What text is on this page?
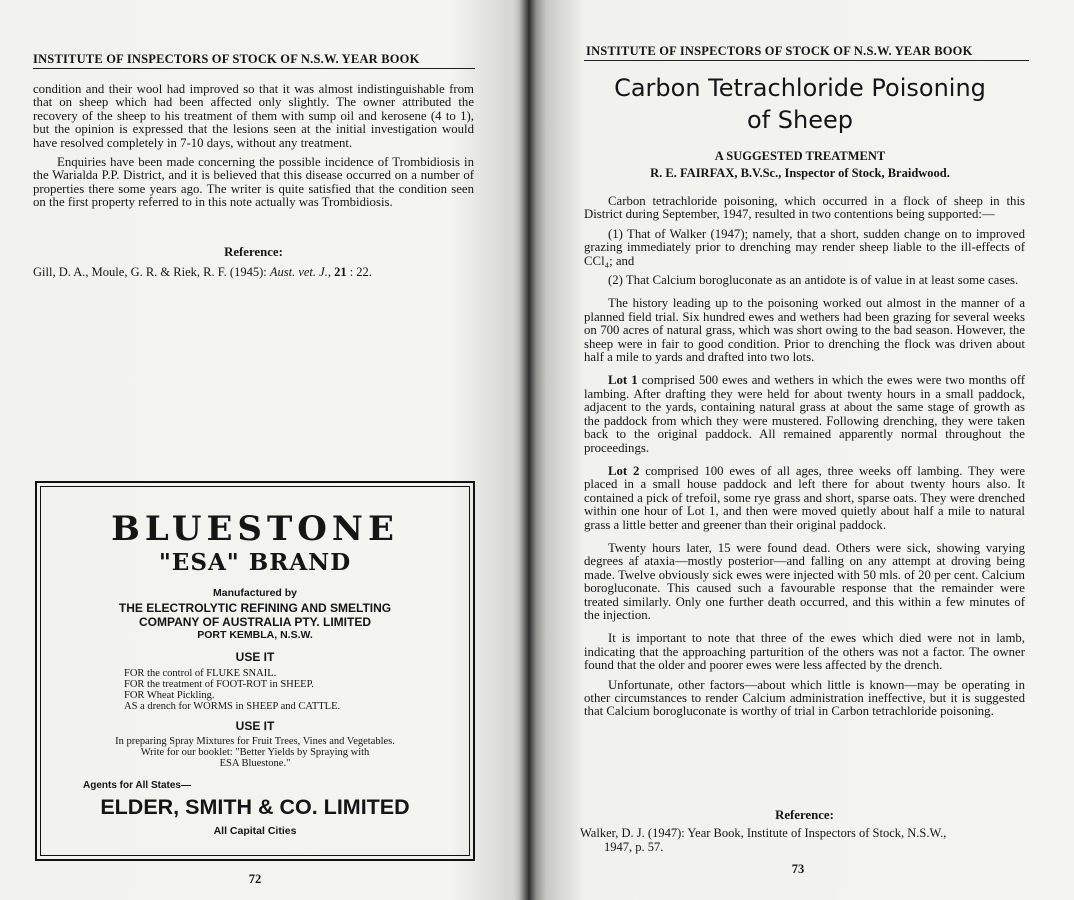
INSTITUTE OF INSPECTORS OF STOCK OF N.S.W. YEAR BOOK

condition and their wool had improved so that it was almost indistinguishable from that on sheep which had been affected only slightly. The owner attributed the recovery of the sheep to his treatment of them with sump oil and kerosene (4 to 1), but the opinion is expressed that the lesions seen at the initial investigation would have resolved completely in 7-10 days, without any treatment.

Enquiries have been made concerning the possible incidence of Trombidiosis in the Warialda P.P. District, and it is believed that this disease occurred on a number of properties there some years ago. The writer is quite satisfied that the condition seen on the first property referred to in this note actually was Trombidiosis.

Reference:
Gill, D. A., Moule, G. R. & Riek, R. F. (1945): Aust. vet. J., 21 : 22.
BLUESTONE
"ESA" BRAND
Manufactured by
THE ELECTROLYTIC REFINING AND SMELTING
COMPANY OF AUSTRALIA PTY. LIMITED
PORT KEMBLA, N.S.W.
USE IT
FOR the control of FLUKE SNAIL.
FOR the treatment of FOOT-ROT in SHEEP.
FOR Wheat Pickling.
AS a drench for WORMS in SHEEP and CATTLE.
USE IT
In preparing Spray Mixtures for Fruit Trees, Vines and Vegetables.
Write for our booklet: "Better Yields by Spraying with
ESA Bluestone."
Agents for All States—
ELDER, SMITH & CO. LIMITED
All Capital Cities
72
INSTITUTE OF INSPECTORS OF STOCK OF N.S.W. YEAR BOOK
Carbon Tetrachloride Poisoning
of Sheep
A SUGGESTED TREATMENT
R. E. FAIRFAX, B.V.Sc., Inspector of Stock, Braidwood.

Carbon tetrachloride poisoning, which occurred in a flock of sheep in this District during September, 1947, resulted in two contentions being supported:—

(1) That of Walker (1947); namely, that a short, sudden change on to improved grazing immediately prior to drenching may render sheep liable to the ill-effects of CCl₄; and

(2) That Calcium borogluconate as an antidote is of value in at least some cases.

The history leading up to the poisoning worked out almost in the manner of a planned field trial. Six hundred ewes and wethers had been grazing for several weeks on 700 acres of natural grass, which was short owing to the bad season. However, the sheep were in fair to good condition. Prior to drenching the flock was driven about half a mile to yards and drafted into two lots.

Lot 1 comprised 500 ewes and wethers in which the ewes were two months off lambing. After drafting they were held for about twenty hours in a small paddock, adjacent to the yards, containing natural grass at about the same stage of growth as the paddock from which they were mustered. Following drenching, they were taken back to the original paddock. All remained apparently normal throughout the proceedings.

Lot 2 comprised 100 ewes of all ages, three weeks off lambing. They were placed in a small house paddock and left there for about twenty hours also. It contained a pick of trefoil, some rye grass and short, sparse oats. They were drenched within one hour of Lot 1, and then were moved quietly about half a mile to natural grass a little better and greener than their original paddock.

Twenty hours later, 15 were found dead. Others were sick, showing varying degrees af ataxia—mostly posterior—and falling on any attempt at droving being made. Twelve obviously sick ewes were injected with 50 mls. of 20 per cent. Calcium borogluconate. This caused such a favourable response that the remainder were treated similarly. Only one further death occurred, and this within a few minutes of the injection.

It is important to note that three of the ewes which died were not in lamb, indicating that the approaching parturition of the others was not a factor. The owner found that the older and poorer ewes were less affected by the drench.

Unfortunate, other factors—about which little is known—may be operating in other circumstances to render Calcium administration ineffective, but it is suggested that Calcium borogluconate is worthy of trial in Carbon tetrachloride poisoning.

Reference:
Walker, D. J. (1947): Year Book, Institute of Inspectors of Stock, N.S.W.,
1947, p. 57.
73
